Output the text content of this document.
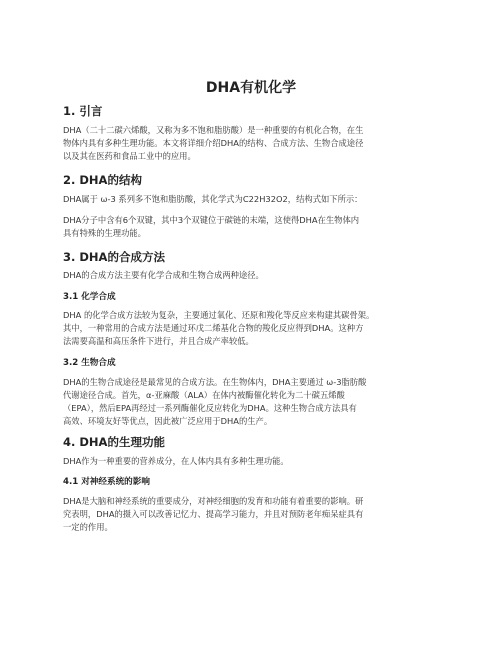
DHA有机化学
1. 引言
DHA（二十二碳六烯酸，又称为多不饱和脂肪酸）是一种重要的有机化合物，在生
物体内具有多种生理功能。本文将详细介绍DHA的结构、合成方法、生物合成途径
以及其在医药和食品工业中的应用。
2. DHA的结构
DHA属于 ω-3 系列多不饱和脂肪酸，其化学式为C22H32O2，结构式如下所示：
DHA分子中含有6个双键，其中3个双键位于碳链的末端，这使得DHA在生物体内
具有特殊的生理功能。
3. DHA的合成方法
DHA的合成方法主要有化学合成和生物合成两种途径。
3.1 化学合成
DHA 的化学合成方法较为复杂，主要通过氧化、还原和羧化等反应来构建其碳骨架。
其中，一种常用的合成方法是通过环戊二烯基化合物的羧化反应得到DHA。这种方
法需要高温和高压条件下进行，并且合成产率较低。
3.2 生物合成
DHA的生物合成途径是最常见的合成方法。在生物体内，DHA主要通过 ω-3脂肪酸
代谢途径合成。首先，α-亚麻酸（ALA）在体内被酶催化转化为二十碳五烯酸
（EPA），然后EPA再经过一系列酶催化反应转化为DHA。这种生物合成方法具有
高效、环境友好等优点，因此被广泛应用于DHA的生产。
4. DHA的生理功能
DHA作为一种重要的营养成分，在人体内具有多种生理功能。
4.1 对神经系统的影响
DHA是大脑和神经系统的重要成分，对神经细胞的发育和功能有着重要的影响。研
究表明，DHA的摄入可以改善记忆力、提高学习能力，并且对预防老年痴呆症具有
一定的作用。
